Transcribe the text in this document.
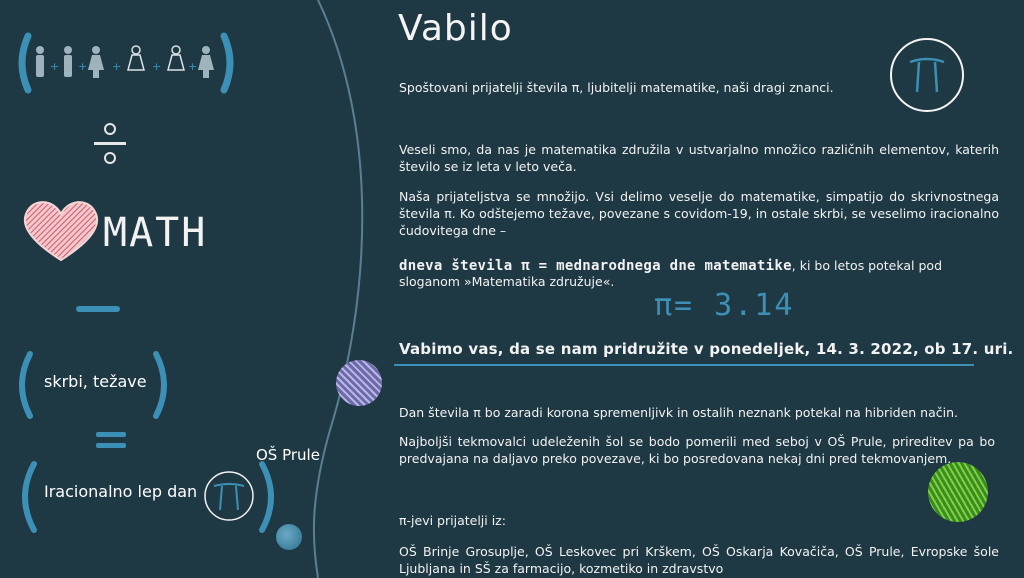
+ + +	+ +
MATH
skrbi, težave
Iracionalno lep dan
OŠ Prule
Vabilo
Spoštovani prijatelji števila π, ljubitelji matematike, naši dragi znanci.
Veseli smo, da nas je matematika združila v ustvarjalno množico različnih elementov, katerih število se iz leta v leto veča.
Naša prijateljstva se množijo. Vsi delimo veselje do matematike, simpatijo do skrivnostnega števila π. Ko odštejemo težave, povezane s covidom-19, in ostale skrbi, se veselimo iracionalno čudovitega dne –
dneva števila π = mednarodnega dne matematike, ki bo letos potekal pod sloganom »Matematika združuje«.
π= 3.14
Vabimo vas, da se nam pridružite v ponedeljek, 14. 3. 2022, ob 17. uri.
Dan števila π bo zaradi korona spremenljivk in ostalih neznank potekal na hibriden način.
Najboljši tekmovalci udeleženih šol se bodo pomerili med seboj v OŠ Prule, prireditev pa bo predvajana na daljavo preko povezave, ki bo posredovana nekaj dni pred tekmovanjem.
π-jevi prijatelji iz:
OŠ Brinje Grosuplje, OŠ Leskovec pri Krškem, OŠ Oskarja Kovačiča, OŠ Prule, Evropske šole Ljubljana in SŠ za farmacijo, kozmetiko in zdravstvo
